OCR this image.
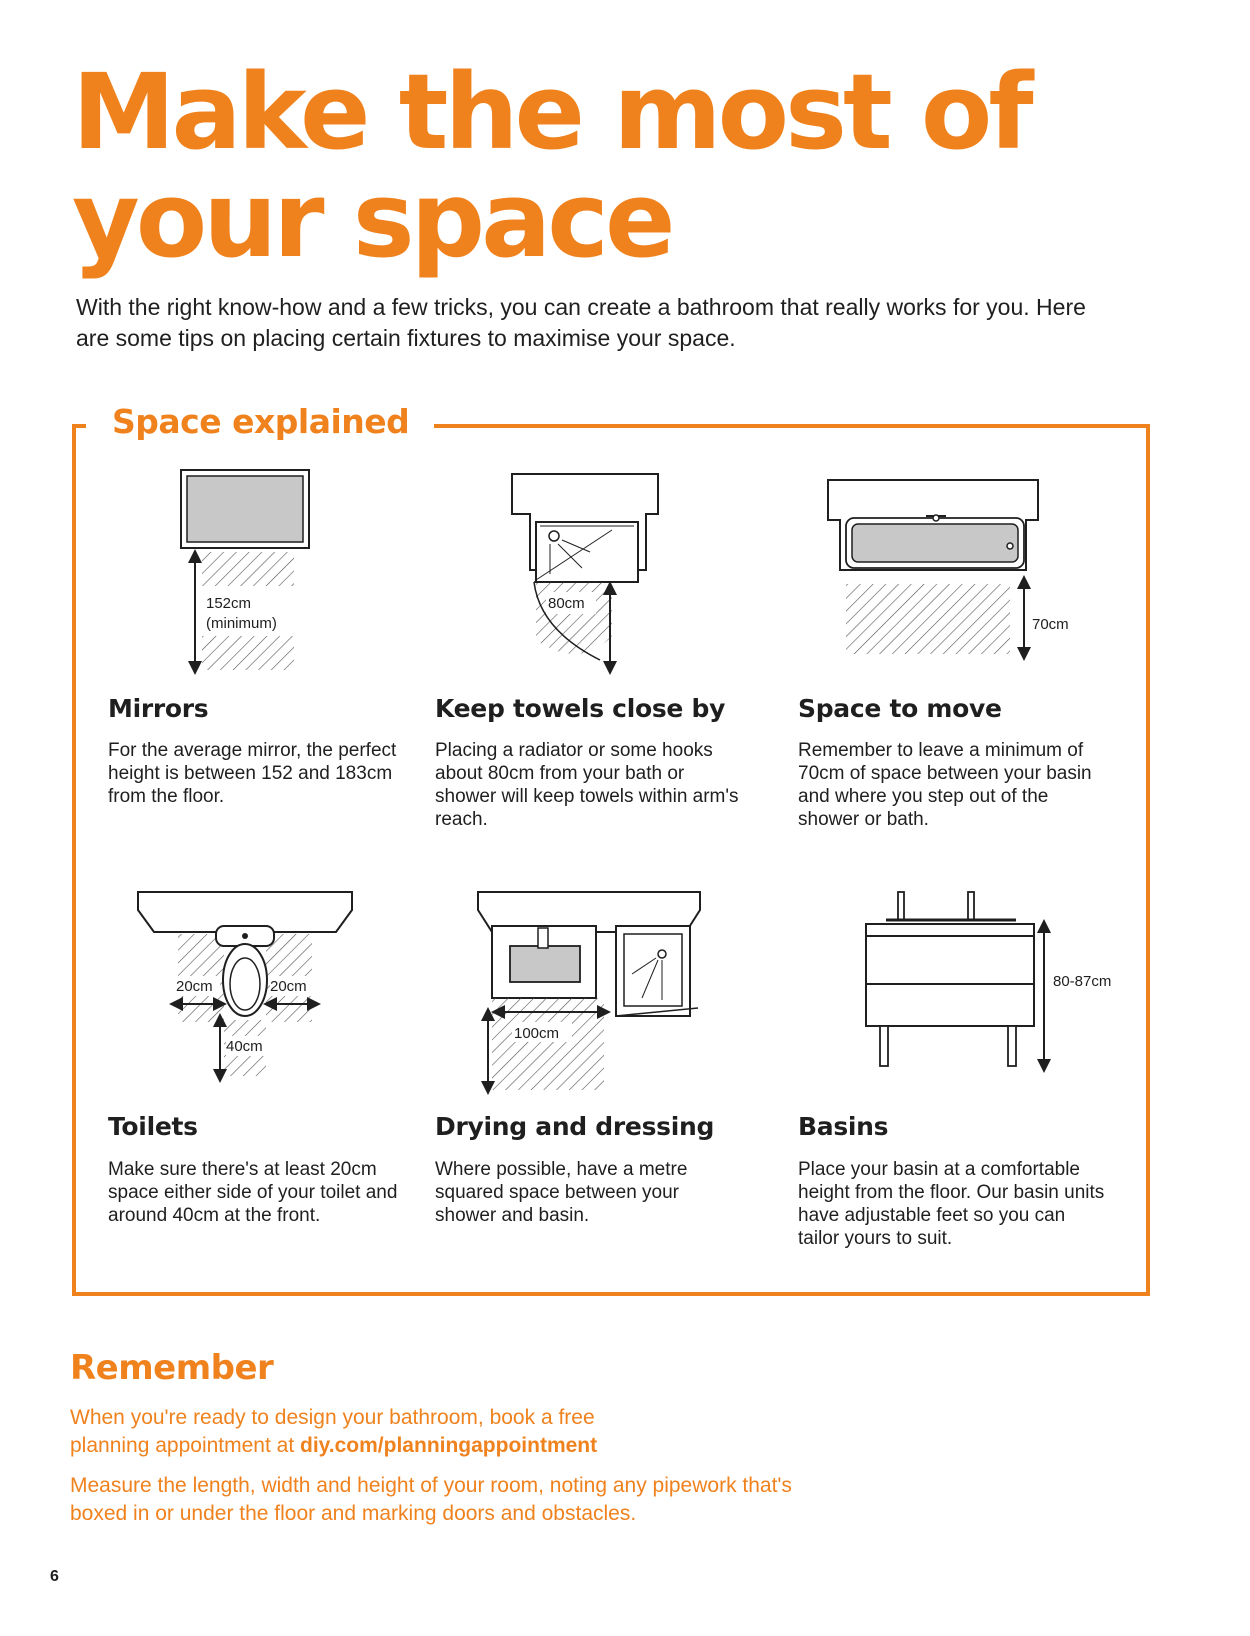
Make the most of
your space
With the right know-how and a few tricks, you can create a bathroom that really works for you. Here are some tips on placing certain fixtures to maximise your space.
Space explained
152cm
(minimum)
80cm
70cm
Mirrors
For the average mirror, the perfect height is between 152 and 183cm from the floor.
Keep towels close by
Placing a radiator or some hooks about 80cm from your bath or shower will keep towels within arm's reach.
Space to move
Remember to leave a minimum of 70cm of space between your basin and where you step out of the shower or bath.
20cm	20cm
40cm
100cm
80-87cm
Toilets
Make sure there's at least 20cm space either side of your toilet and around 40cm at the front.
Drying and dressing
Where possible, have a metre squared space between your shower and basin.
Basins
Place your basin at a comfortable height from the floor. Our basin units have adjustable feet so you can tailor yours to suit.
Remember
When you're ready to design your bathroom, book a free planning appointment at diy.com/planningappointment
Measure the length, width and height of your room, noting any pipework that's boxed in or under the floor and marking doors and obstacles.
6
